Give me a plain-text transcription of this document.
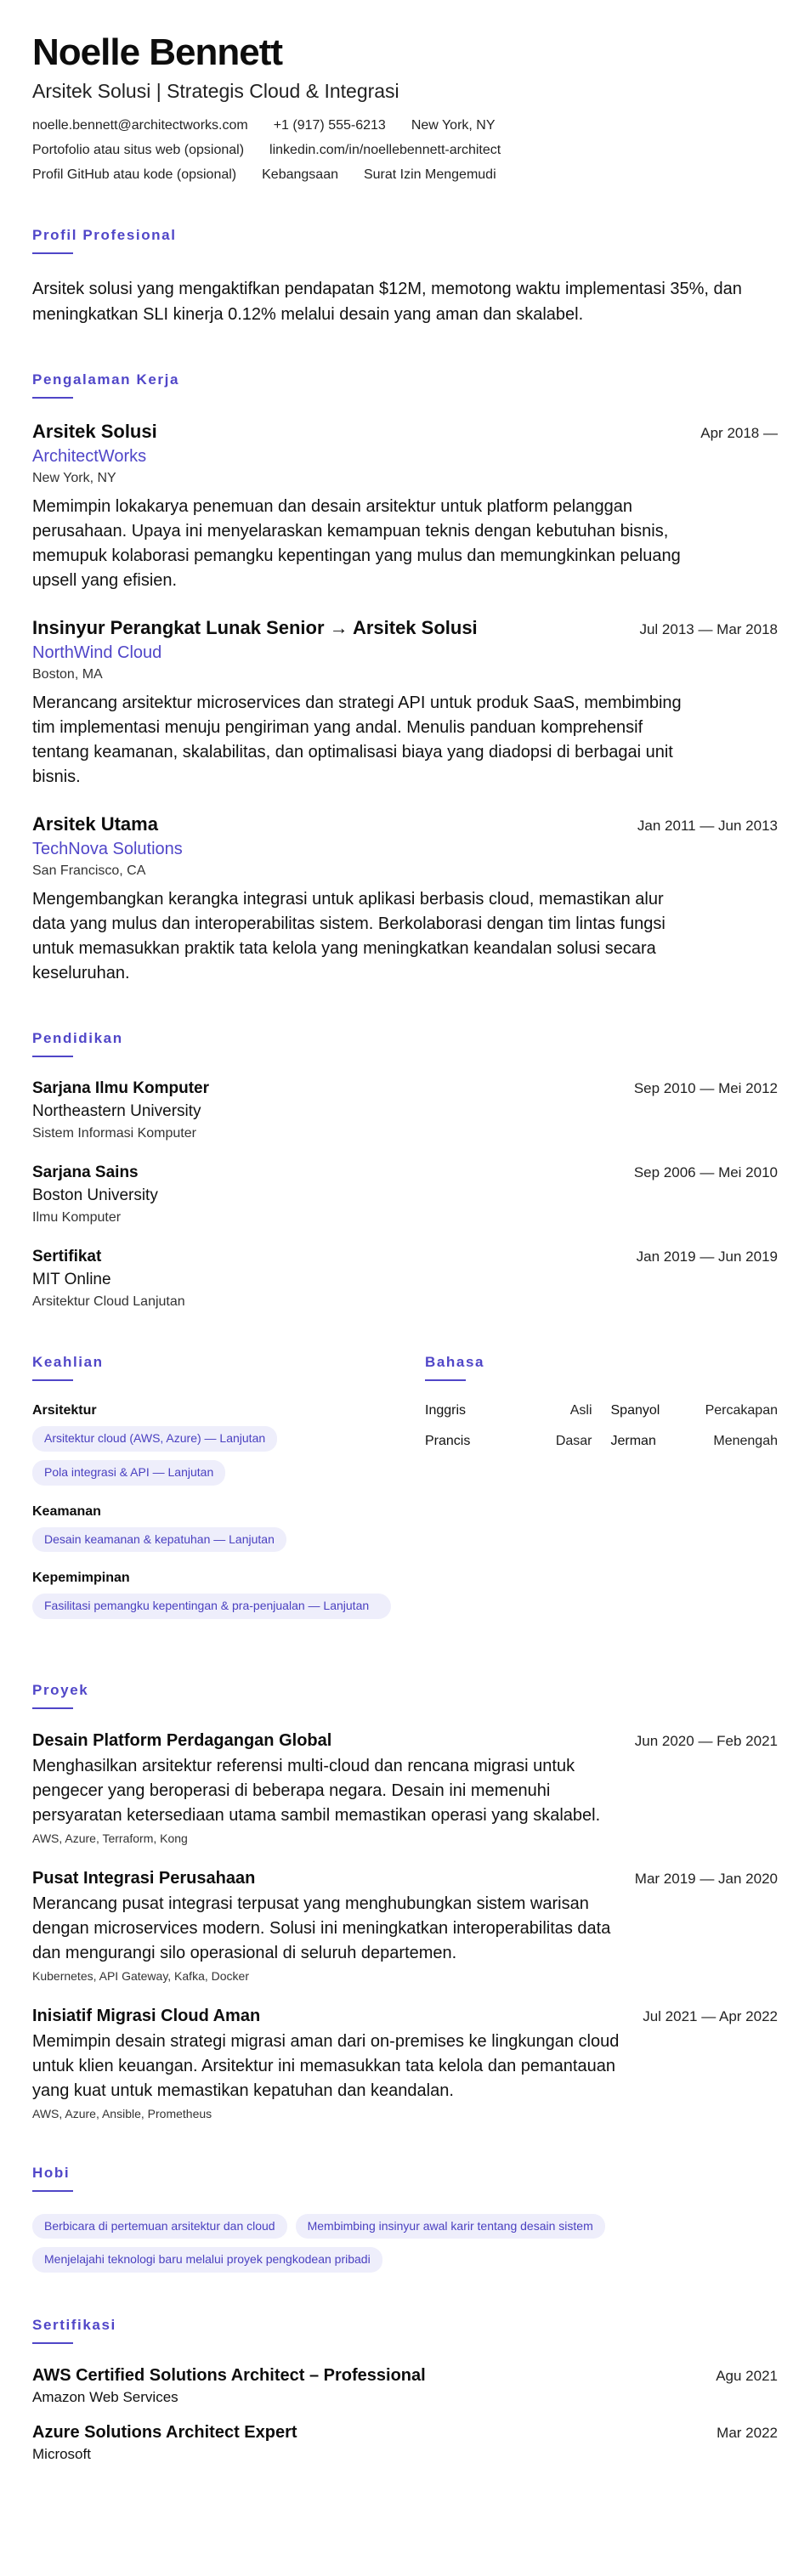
Noelle Bennett
Arsitek Solusi | Strategis Cloud & Integrasi
noelle.bennett@architectworks.com +1 (917) 555-6213 New York, NY
Portofolio atau situs web (opsional) linkedin.com/in/noellebennett-architect
Profil GitHub atau kode (opsional) Kebangsaan Surat Izin Mengemudi
Profil Profesional

Arsitek solusi yang mengaktifkan pendapatan $12M, memotong waktu implementasi 35%, dan meningkatkan SLI kinerja 0.12% melalui desain yang aman dan skalabel.

Pengalaman Kerja
Arsitek Solusi	Apr 2018 —
ArchitectWorks
New York, NY

Memimpin lokakarya penemuan dan desain arsitektur untuk platform pelanggan perusahaan. Upaya ini menyelaraskan kemampuan teknis dengan kebutuhan bisnis, memupuk kolaborasi pemangku kepentingan yang mulus dan memungkinkan peluang upsell yang efisien.

Insinyur Perangkat Lunak Senior → Arsitek Solusi	Jul 2013 — Mar 2018
NorthWind Cloud
Boston, MA

Merancang arsitektur microservices dan strategi API untuk produk SaaS, membimbing tim implementasi menuju pengiriman yang andal. Menulis panduan komprehensif tentang keamanan, skalabilitas, dan optimalisasi biaya yang diadopsi di berbagai unit bisnis.

Arsitek Utama	Jan 2011 — Jun 2013
TechNova Solutions
San Francisco, CA

Mengembangkan kerangka integrasi untuk aplikasi berbasis cloud, memastikan alur data yang mulus dan interoperabilitas sistem. Berkolaborasi dengan tim lintas fungsi untuk memasukkan praktik tata kelola yang meningkatkan keandalan solusi secara keseluruhan.

Pendidikan
Sarjana Ilmu Komputer	Sep 2010 — Mei 2012
Northeastern University
Sistem Informasi Komputer
Sarjana Sains	Sep 2006 — Mei 2010
Boston University
Ilmu Komputer
Sertifikat	Jan 2019 — Jun 2019
MIT Online
Arsitektur Cloud Lanjutan
Keahlian
Arsitektur
Arsitektur cloud (AWS, Azure) — Lanjutan
Pola integrasi & API — Lanjutan
Keamanan
Desain keamanan & kepatuhan — Lanjutan
Kepemimpinan
Fasilitasi pemangku kepentingan & pra-penjualan — Lanjutan
Bahasa
Inggris	Asli Spanyol	Percakapan
Prancis	Dasar Jerman	Menengah
Proyek
Desain Platform Perdagangan Global	Jun 2020 — Feb 2021

Menghasilkan arsitektur referensi multi-cloud dan rencana migrasi untuk pengecer yang beroperasi di beberapa negara. Desain ini memenuhi persyaratan ketersediaan utama sambil memastikan operasi yang skalabel.

AWS, Azure, Terraform, Kong
Pusat Integrasi Perusahaan	Mar 2019 — Jan 2020

Merancang pusat integrasi terpusat yang menghubungkan sistem warisan dengan microservices modern. Solusi ini meningkatkan interoperabilitas data dan mengurangi silo operasional di seluruh departemen.

Kubernetes, API Gateway, Kafka, Docker
Inisiatif Migrasi Cloud Aman	Jul 2021 — Apr 2022

Memimpin desain strategi migrasi aman dari on-premises ke lingkungan cloud untuk klien keuangan. Arsitektur ini memasukkan tata kelola dan pemantauan yang kuat untuk memastikan kepatuhan dan keandalan.

AWS, Azure, Ansible, Prometheus
Hobi
Berbicara di pertemuan arsitektur dan cloud	Membimbing insinyur awal karir tentang desain sistem
Menjelajahi teknologi baru melalui proyek pengkodean pribadi
Sertifikasi
AWS Certified Solutions Architect – Professional	Agu 2021
Amazon Web Services
Azure Solutions Architect Expert	Mar 2022
Microsoft
